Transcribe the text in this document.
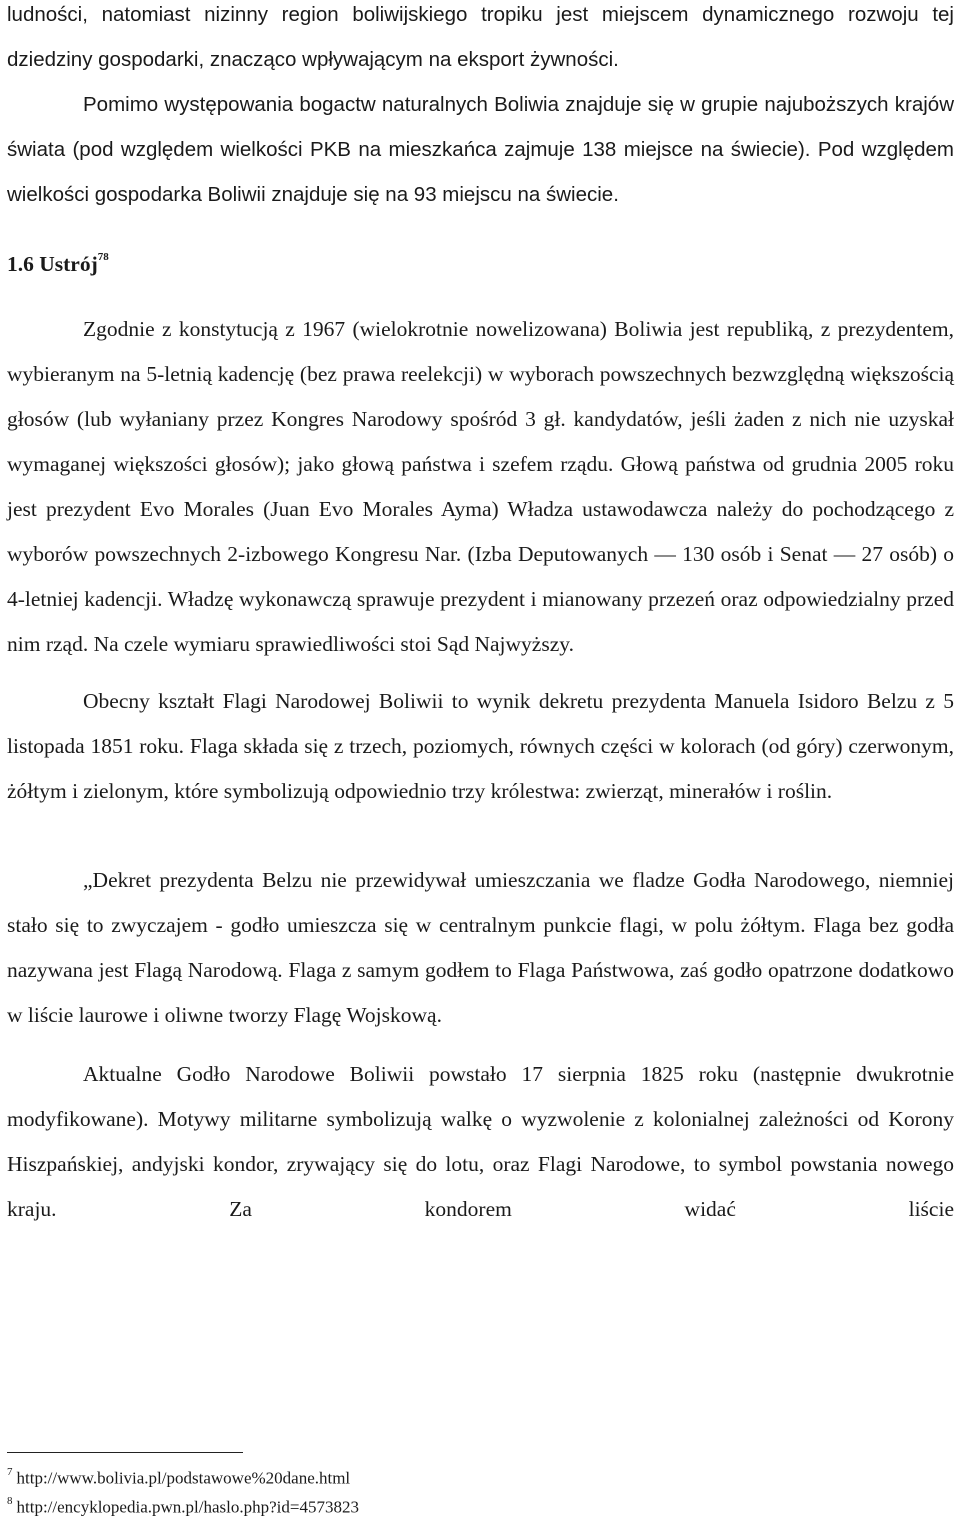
ludności, natomiast nizinny region boliwijskiego tropiku jest miejscem dynamicznego rozwoju tej dziedziny gospodarki, znacząco wpływającym na eksport żywności.

Pomimo występowania bogactw naturalnych Boliwia znajduje się w grupie najuboższych krajów świata (pod względem wielkości PKB na mieszkańca zajmuje 138 miejsce na świecie). Pod względem wielkości gospodarka Boliwii znajduje się na 93 miejscu na świecie.

1.6 Ustrój$^{78}$

Zgodnie z konstytucją z 1967 (wielokrotnie nowelizowana) Boliwia jest republiką, z prezydentem, wybieranym na 5-letnią kadencję (bez prawa reelekcji) w wyborach powszechnych bezwzględną większością głosów (lub wyłaniany przez Kongres Narodowy spośród 3 gł. kandydatów, jeśli żaden z nich nie uzyskał wymaganej większości głosów); jako głową państwa i szefem rządu. Głową państwa od grudnia 2005 roku jest prezydent Evo Morales (Juan Evo Morales Ayma) Władza ustawodawcza należy do pochodzącego z wyborów powszechnych 2-izbowego Kongresu Nar. (Izba Deputowanych ― 130 osób i Senat ― 27 osób) o 4-letniej kadencji. Władzę wykonawczą sprawuje prezydent i mianowany przezeń oraz odpowiedzialny przed nim rząd. Na czele wymiaru sprawiedliwości stoi Sąd Najwyższy.

Obecny kształt Flagi Narodowej Boliwii to wynik dekretu prezydenta Manuela Isidoro Belzu z 5 listopada 1851 roku. Flaga składa się z trzech, poziomych, równych części w kolorach (od góry) czerwonym, żółtym i zielonym, które symbolizują odpowiednio trzy królestwa: zwierząt, minerałów i roślin.

„Dekret prezydenta Belzu nie przewidywał umieszczania we fladze Godła Narodowego, niemniej stało się to zwyczajem - godło umieszcza się w centralnym punkcie flagi, w polu żółtym. Flaga bez godła nazywana jest Flagą Narodową. Flaga z samym godłem to Flaga Państwowa, zaś godło opatrzone dodatkowo w liście laurowe i oliwne tworzy Flagę Wojskową.

Aktualne Godło Narodowe Boliwii powstało 17 sierpnia 1825 roku (następnie dwukrotnie modyfikowane). Motywy militarne symbolizują walkę o wyzwolenie z kolonialnej zależności od Korony Hiszpańskiej, andyjski kondor, zrywający się do lotu, oraz Flagi Narodowe, to symbol powstania nowego kraju. Za kondorem widać liście

$^7$ http://www.bolivia.pl/podstawowe%20dane.html
$^8$ http://encyklopedia.pwn.pl/haslo.php?id=4573823
